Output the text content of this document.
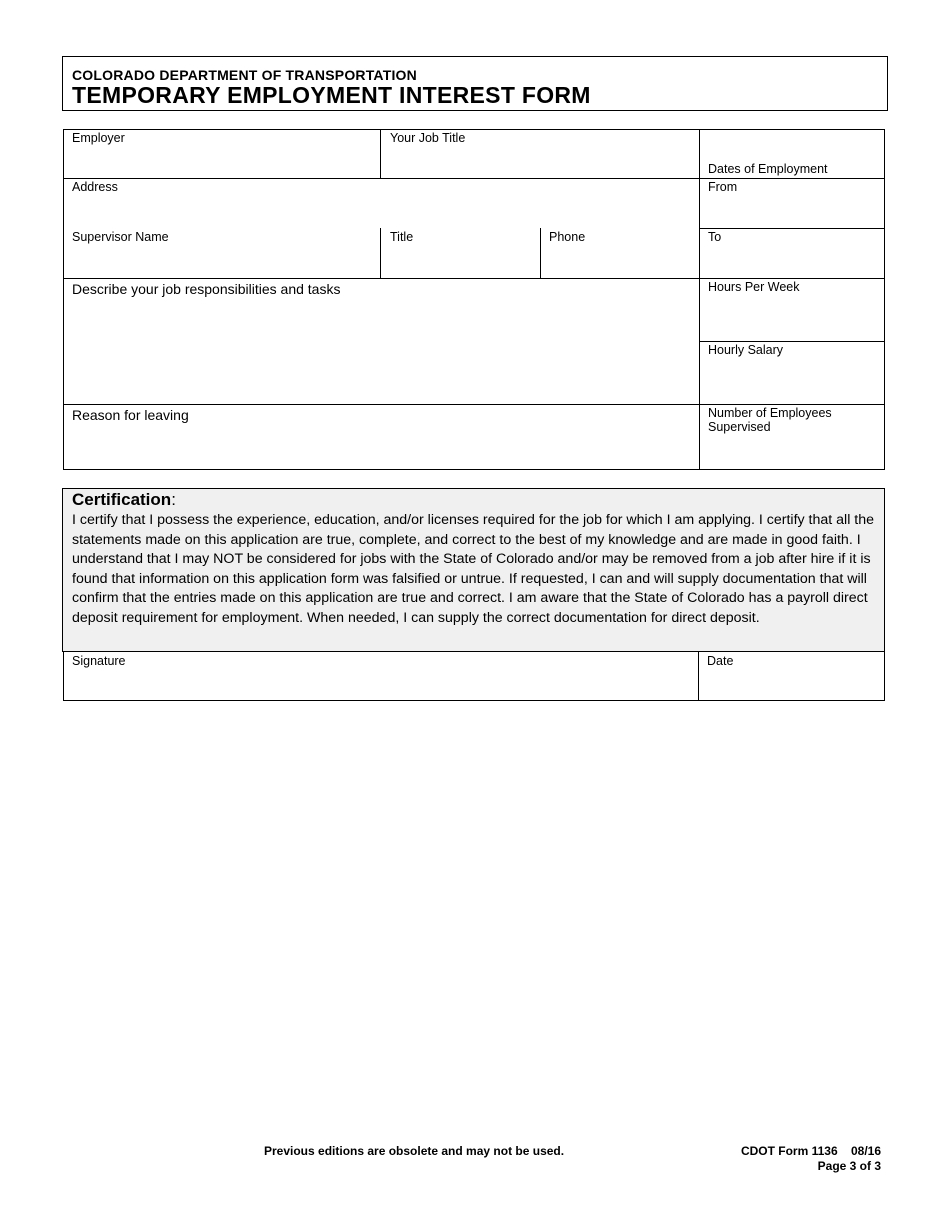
COLORADO DEPARTMENT OF TRANSPORTATION
TEMPORARY EMPLOYMENT INTEREST FORM
Employer	Your Job Title
Dates of Employment
Address	From
Supervisor Name	Title	Phone	To
Describe your job responsibilities and tasks	Hours Per Week
Hourly Salary
Reason for leaving	Number of Employees
Supervised
Certification:
I certify that I possess the experience, education, and/or licenses required for the job for which I am applying. I certify that all the statements made on this application are true, complete, and correct to the best of my knowledge and are made in good faith. I understand that I may NOT be considered for jobs with the State of Colorado and/or may be removed from a job after hire if it is found that information on this application form was falsified or untrue. If requested, I can and will supply documentation that will confirm that the entries made on this application are true and correct. I am aware that the State of Colorado has a payroll direct deposit requirement for employment. When needed, I can supply the correct documentation for direct deposit.
Signature	Date
Previous editions are obsolete and may not be used.	CDOT Form 1136    08/16
Page 3 of 3
